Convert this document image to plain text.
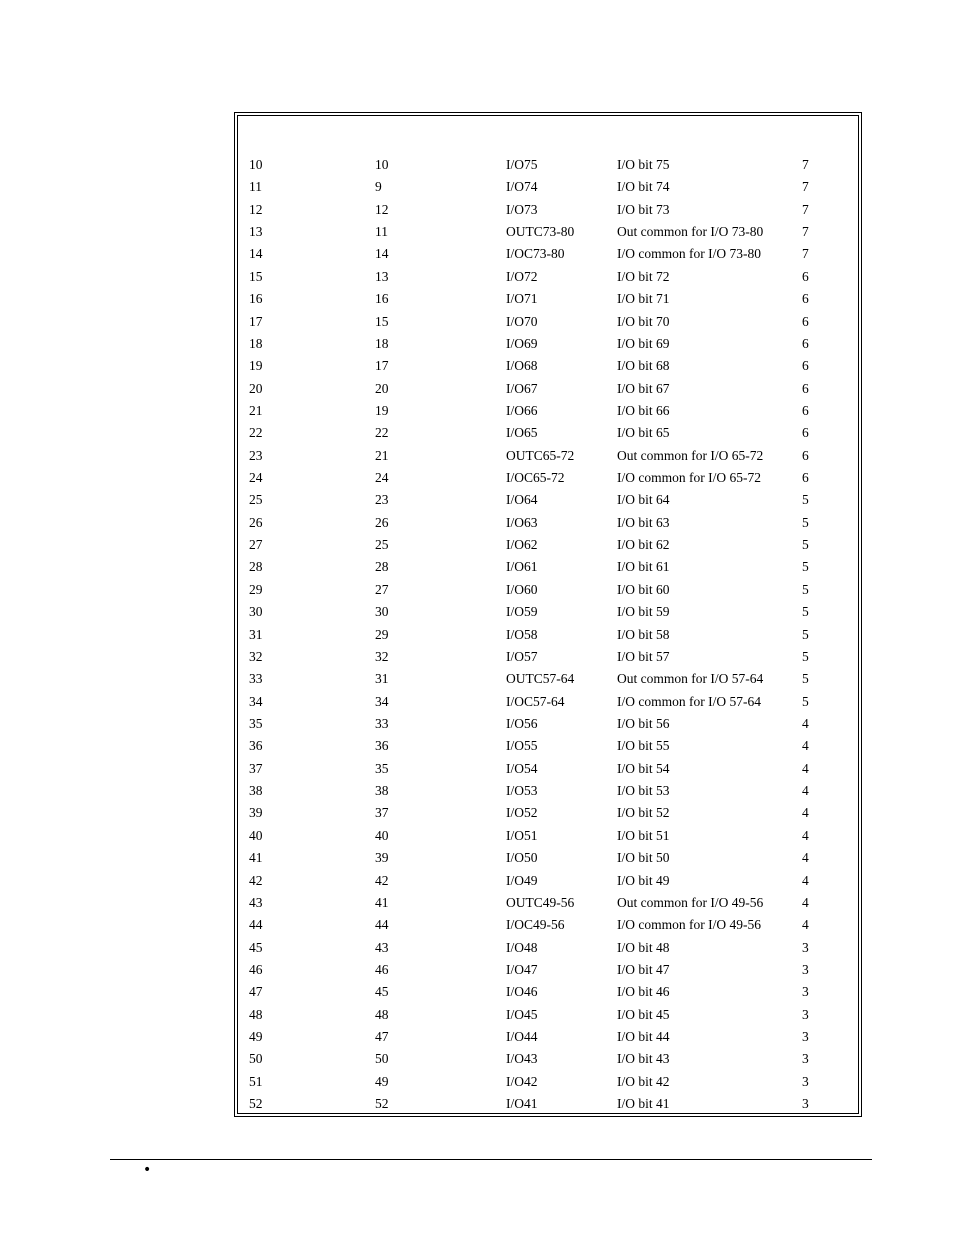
10	10	I/O75	I/O bit 75	7
11	9	I/O74	I/O bit 74	7
12	12	I/O73	I/O bit 73	7
13	11	OUTC73-80	Out common for I/O 73-80	7
14	14	I/OC73-80	I/O common for I/O 73-80	7
15	13	I/O72	I/O bit 72	6
16	16	I/O71	I/O bit 71	6
17	15	I/O70	I/O bit 70	6
18	18	I/O69	I/O bit 69	6
19	17	I/O68	I/O bit 68	6
20	20	I/O67	I/O bit 67	6
21	19	I/O66	I/O bit 66	6
22	22	I/O65	I/O bit 65	6
23	21	OUTC65-72	Out common for I/O 65-72	6
24	24	I/OC65-72	I/O common for I/O 65-72	6
25	23	I/O64	I/O bit 64	5
26	26	I/O63	I/O bit 63	5
27	25	I/O62	I/O bit 62	5
28	28	I/O61	I/O bit 61	5
29	27	I/O60	I/O bit 60	5
30	30	I/O59	I/O bit 59	5
31	29	I/O58	I/O bit 58	5
32	32	I/O57	I/O bit 57	5
33	31	OUTC57-64	Out common for I/O 57-64	5
34	34	I/OC57-64	I/O common for I/O 57-64	5
35	33	I/O56	I/O bit 56	4
36	36	I/O55	I/O bit 55	4
37	35	I/O54	I/O bit 54	4
38	38	I/O53	I/O bit 53	4
39	37	I/O52	I/O bit 52	4
40	40	I/O51	I/O bit 51	4
41	39	I/O50	I/O bit 50	4
42	42	I/O49	I/O bit 49	4
43	41	OUTC49-56	Out common for I/O 49-56	4
44	44	I/OC49-56	I/O common for I/O 49-56	4
45	43	I/O48	I/O bit 48	3
46	46	I/O47	I/O bit 47	3
47	45	I/O46	I/O bit 46	3
48	48	I/O45	I/O bit 45	3
49	47	I/O44	I/O bit 44	3
50	50	I/O43	I/O bit 43	3
51	49	I/O42	I/O bit 42	3
52	52	I/O41	I/O bit 41	3
•
